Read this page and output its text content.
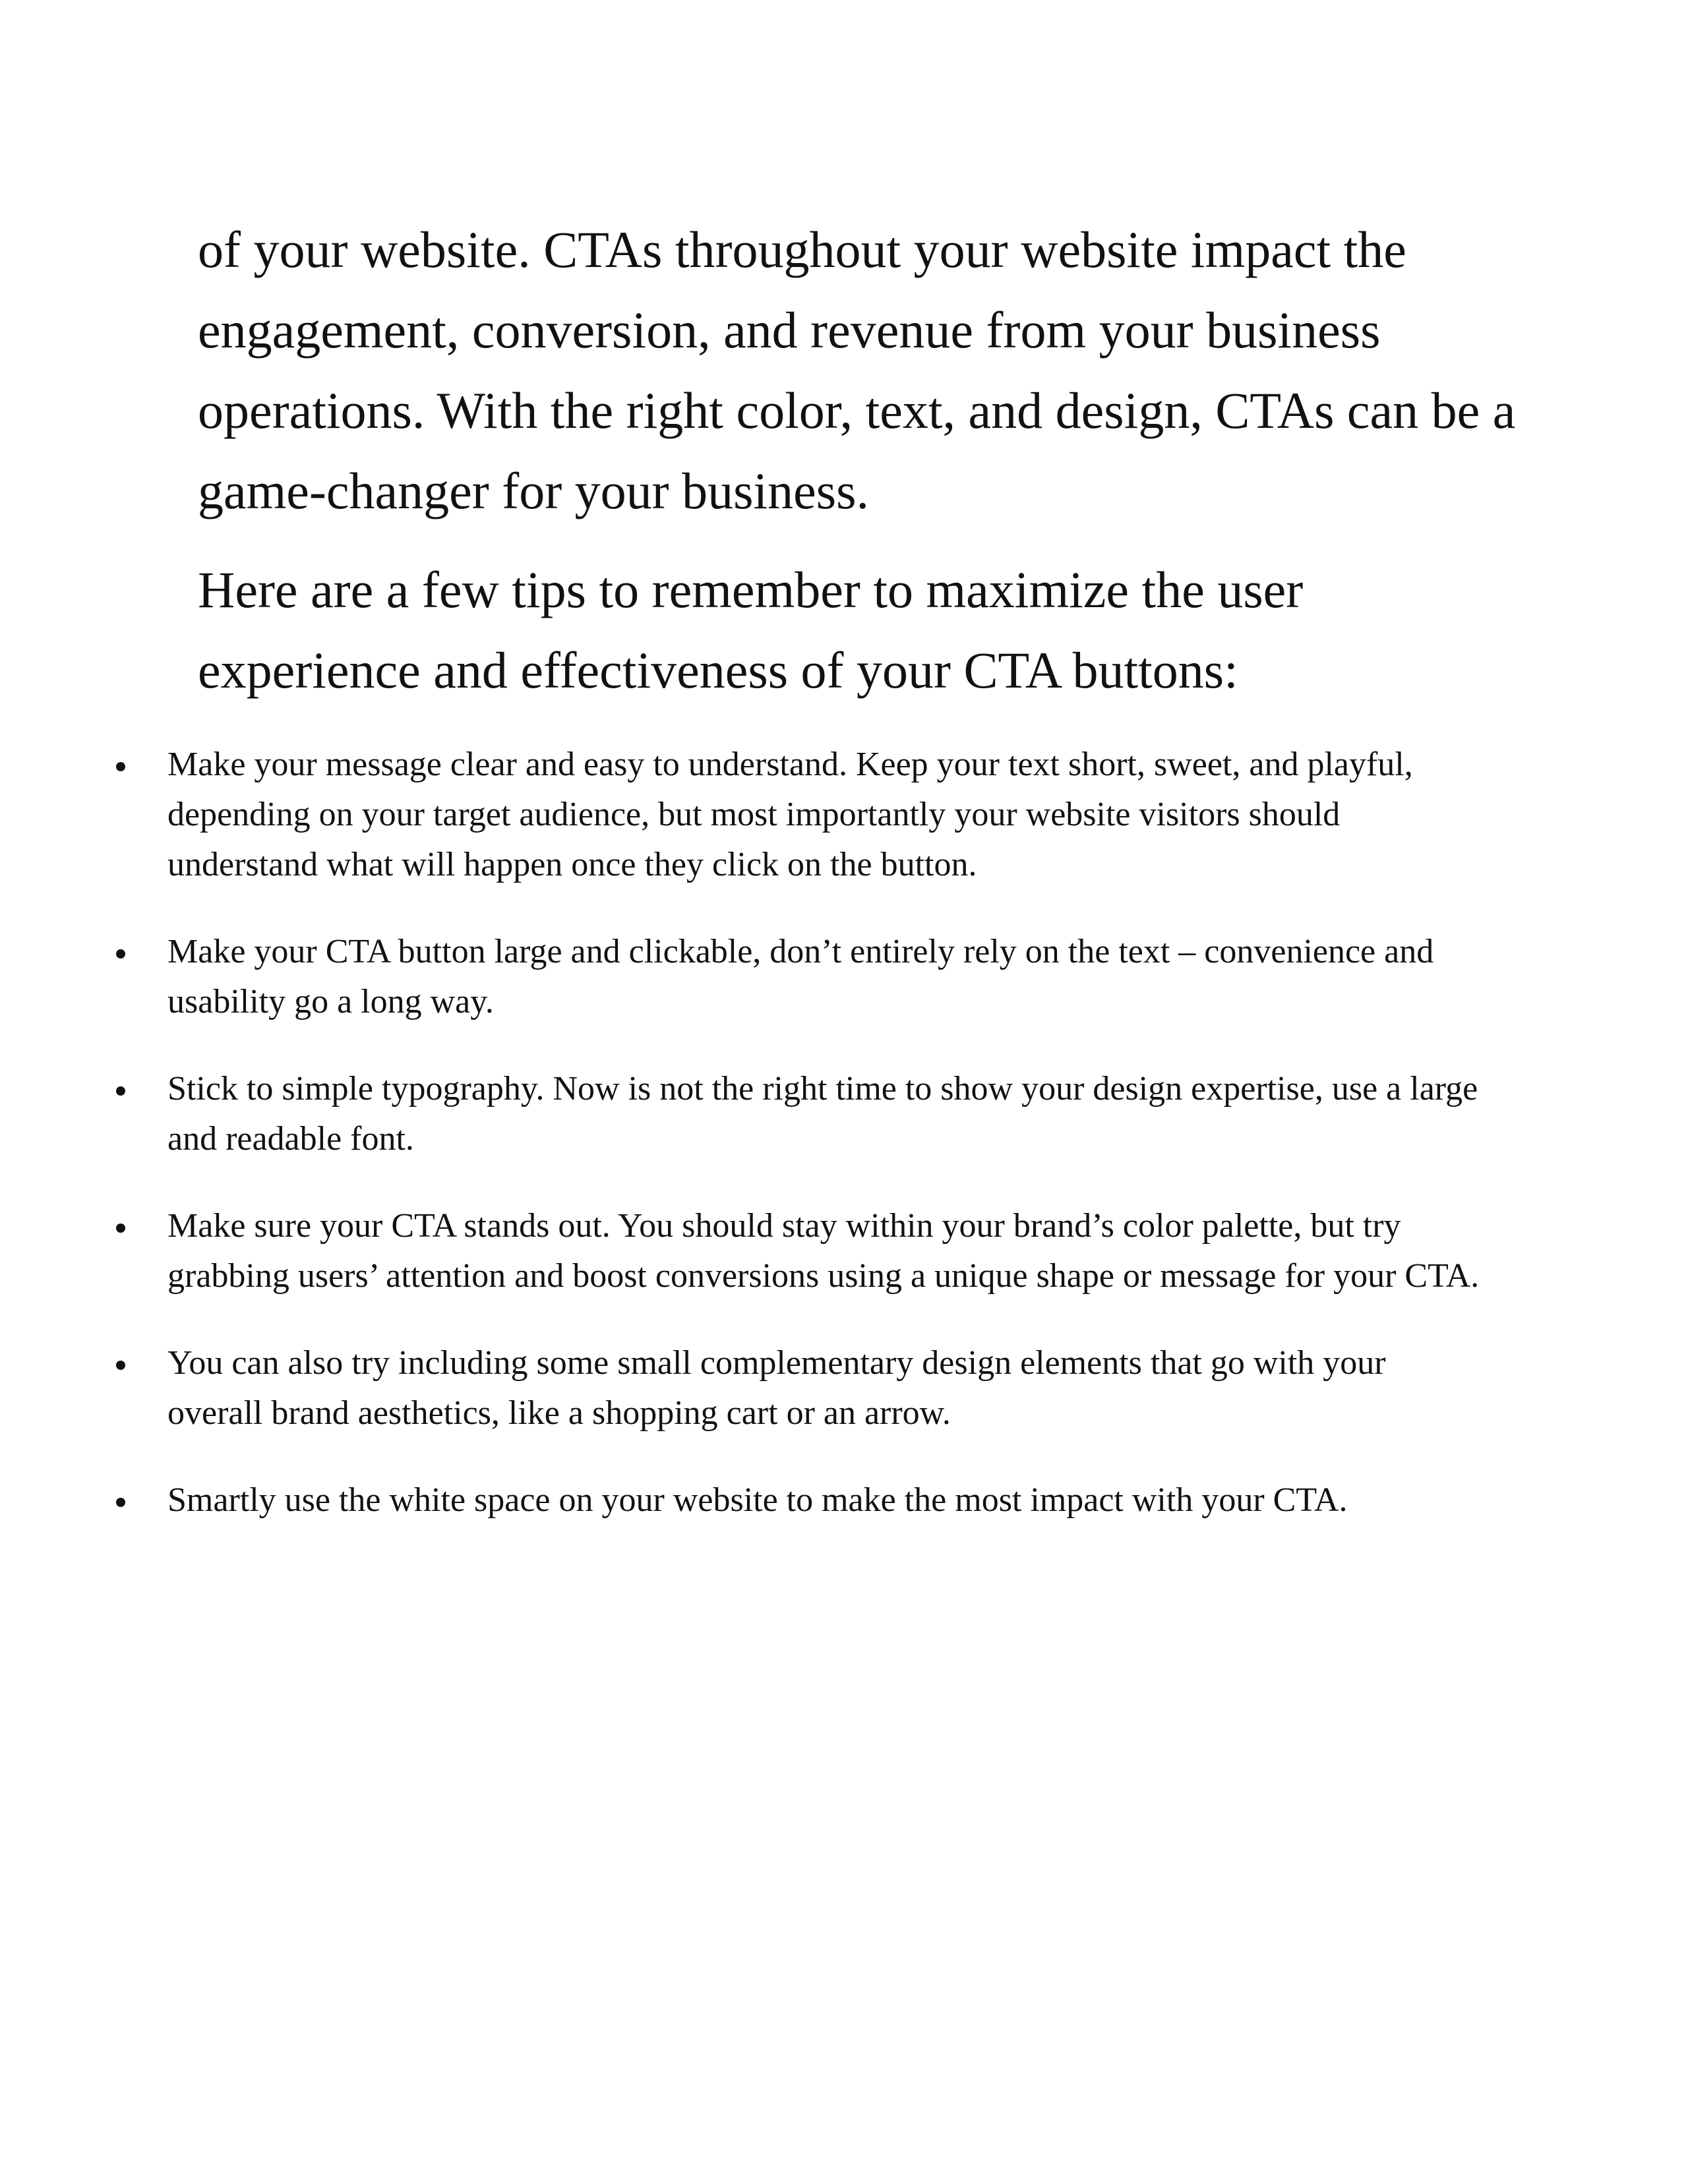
of your website. CTAs throughout your website impact the engagement, conversion, and revenue from your business operations. With the right color, text, and design, CTAs can be a game-changer for your business.

Here are a few tips to remember to maximize the user experience and effectiveness of your CTA buttons:

Make your message clear and easy to understand. Keep your text short, sweet, and playful, depending on your target audience, but most importantly your website visitors should understand what will happen once they click on the button.
Make your CTA button large and clickable, don’t entirely rely on the text – convenience and usability go a long way.
Stick to simple typography. Now is not the right time to show your design expertise, use a large and readable font.
Make sure your CTA stands out. You should stay within your brand’s color palette, but try grabbing users’ attention and boost conversions using a unique shape or message for your CTA.
You can also try including some small complementary design elements that go with your overall brand aesthetics, like a shopping cart or an arrow.
Smartly use the white space on your website to make the most impact with your CTA.
